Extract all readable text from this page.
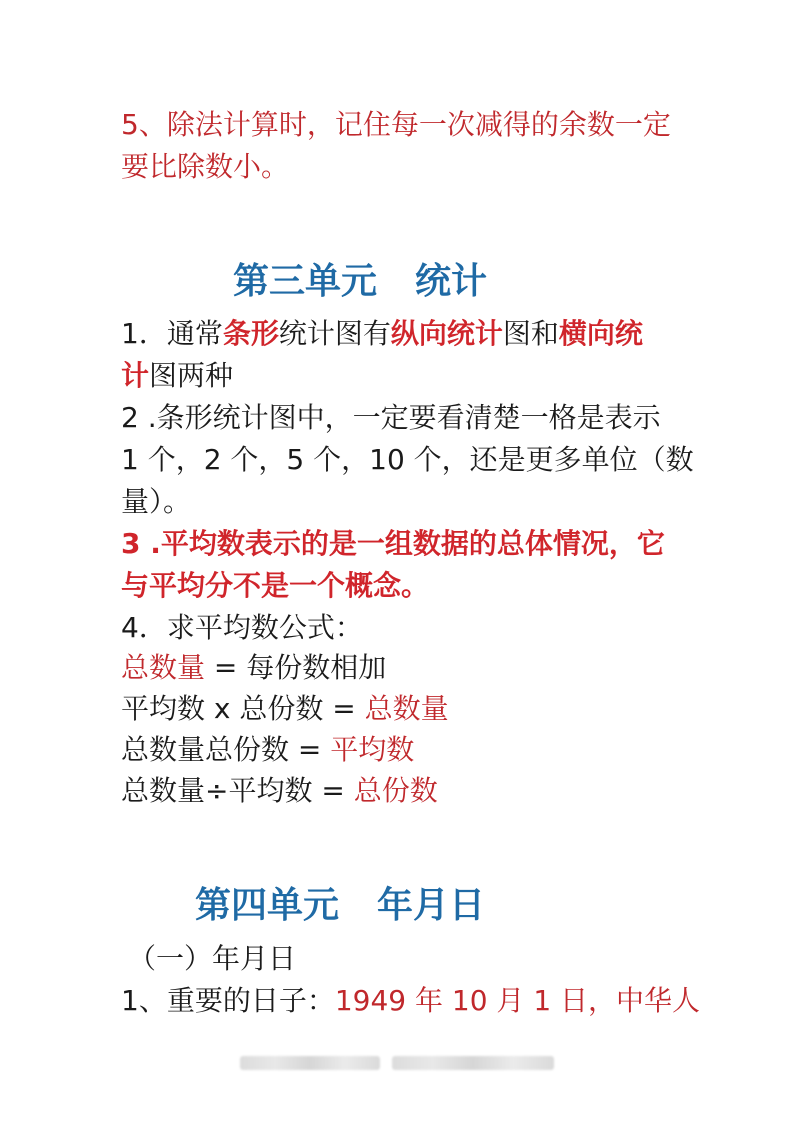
5、除法计算时，记住每一次减得的余数一定

要比除数小。

第三单元 统计

1．通常条形统计图有纵向统计图和横向统

计图两种

2 .条形统计图中，一定要看清楚一格是表示

1 个，2 个，5 个，10 个，还是更多单位（数

量）。

3 .平均数表示的是一组数据的总体情况，它

与平均分不是一个概念。

4．求平均数公式：

总数量 = 每份数相加

平均数 x 总份数 = 总数量

总数量总份数 = 平均数

总数量÷平均数 = 总份数

第四单元 年月日

（一）年月日

1、重要的日子：1949 年 10 月 1 日，中华人
